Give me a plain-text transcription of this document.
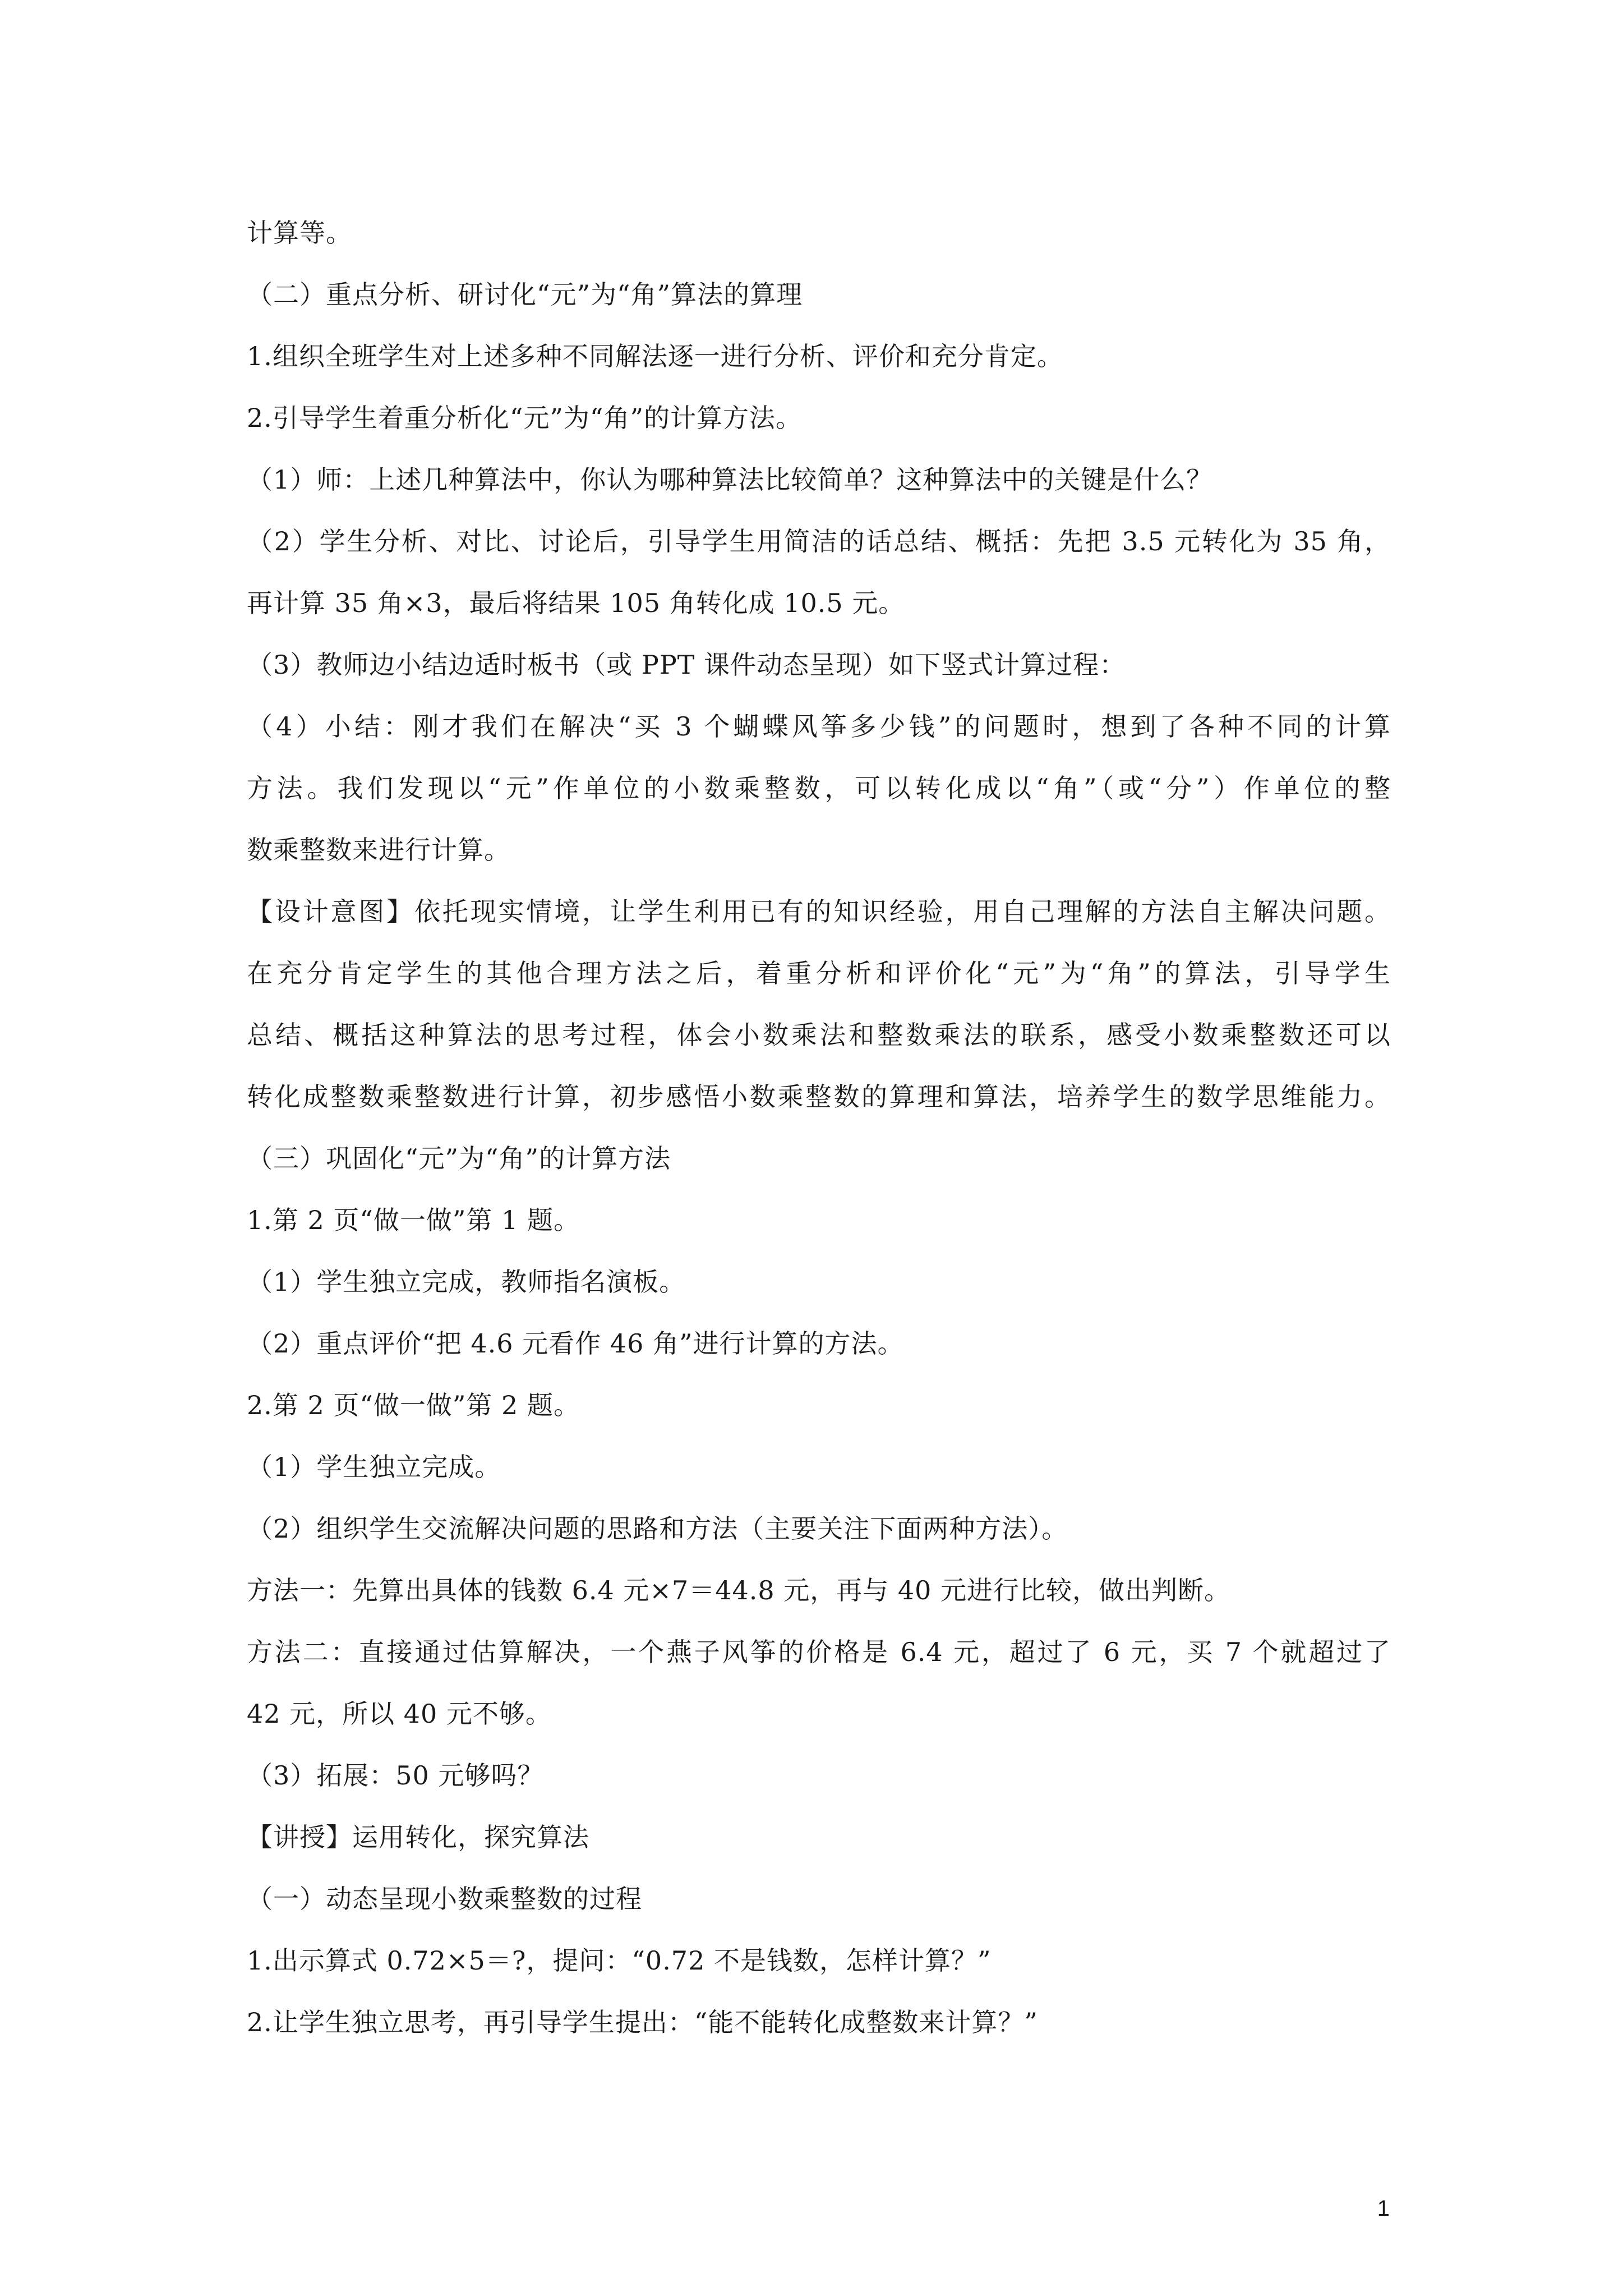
计算等。
（二）重点分析、研讨化“元”为“角”算法的算理
1.组织全班学生对上述多种不同解法逐一进行分析、评价和充分肯定。
2.引导学生着重分析化“元”为“角”的计算方法。
（1）师：上述几种算法中，你认为哪种算法比较简单？这种算法中的关键是什么？
（2）学生分析、对比、讨论后，引导学生用简洁的话总结、概括：先把 3.5 元转化为 35 角，
再计算 35 角×3，最后将结果 105 角转化成 10.5 元。
（3）教师边小结边适时板书（或 PPT 课件动态呈现）如下竖式计算过程：
（4）小结：刚才我们在解决“买 3 个蝴蝶风筝多少钱”的问题时，想到了各种不同的计算
方法。我们发现以“元”作单位的小数乘整数，可以转化成以“角”（或“分”）作单位的整
数乘整数来进行计算。
【设计意图】依托现实情境，让学生利用已有的知识经验，用自己理解的方法自主解决问题。
在充分肯定学生的其他合理方法之后，着重分析和评价化“元”为“角”的算法，引导学生
总结、概括这种算法的思考过程，体会小数乘法和整数乘法的联系，感受小数乘整数还可以
转化成整数乘整数进行计算，初步感悟小数乘整数的算理和算法，培养学生的数学思维能力。
（三）巩固化“元”为“角”的计算方法
1.第 2 页“做一做”第 1 题。
（1）学生独立完成，教师指名演板。
（2）重点评价“把 4.6 元看作 46 角”进行计算的方法。
2.第 2 页“做一做”第 2 题。
（1）学生独立完成。
（2）组织学生交流解决问题的思路和方法（主要关注下面两种方法）。
方法一：先算出具体的钱数 6.4 元×7＝44.8 元，再与 40 元进行比较，做出判断。
方法二：直接通过估算解决，一个燕子风筝的价格是 6.4 元，超过了 6 元，买 7 个就超过了
42 元，所以 40 元不够。
（3）拓展：50 元够吗？
【讲授】运用转化，探究算法
（一）动态呈现小数乘整数的过程
1.出示算式 0.72×5＝?，提问：“0.72 不是钱数，怎样计算？”
2.让学生独立思考，再引导学生提出：“能不能转化成整数来计算？”
1
